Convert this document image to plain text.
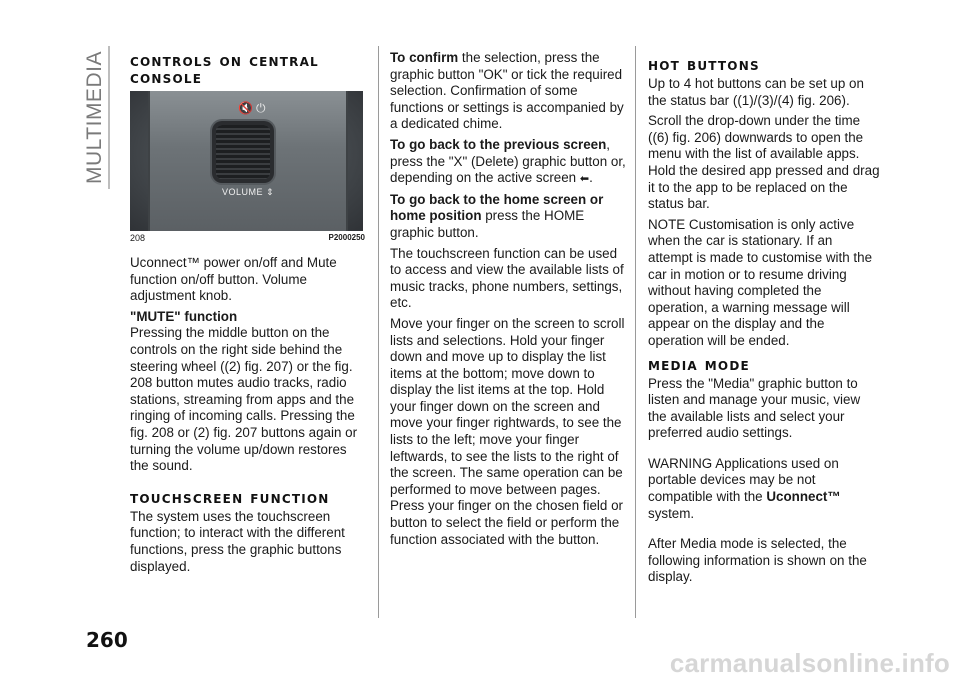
MULTIMEDIA controls on central console
🔇 ⏻
VOLUME ⇕
208	P2000250

Uconnect™ power on/off and Mute function on/off button. Volume adjustment knob.

"MUTE" function

Pressing the middle button on the controls on the right side behind the steering wheel ((2) fig. 207) or the fig. 208 button mutes audio tracks, radio stations, streaming from apps and the ringing of incoming calls. Pressing the fig. 208 or (2) fig. 207 buttons again or turning the volume up/down restores the sound.

touchscreen function

The system uses the touchscreen function; to interact with the different functions, press the graphic buttons displayed.

To confirm the selection, press the graphic button "OK" or tick the required selection. Confirmation of some functions or settings is accompanied by a dedicated chime.

To go back to the previous screen, press the "X" (Delete) graphic button or, depending on the active screen ⬅.

To go back to the home screen or home position press the HOME graphic button.

The touchscreen function can be used to access and view the available lists of music tracks, phone numbers, settings, etc.

Move your finger on the screen to scroll lists and selections. Hold your finger down and move up to display the list items at the bottom; move down to display the list items at the top. Hold your finger down on the screen and move your finger rightwards, to see the lists to the left; move your finger leftwards, to see the lists to the right of the screen. The same operation can be performed to move between pages. Press your finger on the chosen field or button to select the field or perform the function associated with the button.

hot buttons

Up to 4 hot buttons can be set up on the status bar ((1)/(3)/(4) fig. 206).

Scroll the drop-down under the time ((6) fig. 206) downwards to open the menu with the list of available apps. Hold the desired app pressed and drag it to the app to be replaced on the status bar.

NOTE Customisation is only active when the car is stationary. If an attempt is made to customise with the car in motion or to resume driving without having completed the operation, a warning message will appear on the display and the operation will be ended.

media mode

Press the "Media" graphic button to listen and manage your music, view the available lists and select your preferred audio settings.

WARNING Applications used on portable devices may be not compatible with the Uconnect™ system.

After Media mode is selected, the following information is shown on the display.

260
carmanualsonline.info
